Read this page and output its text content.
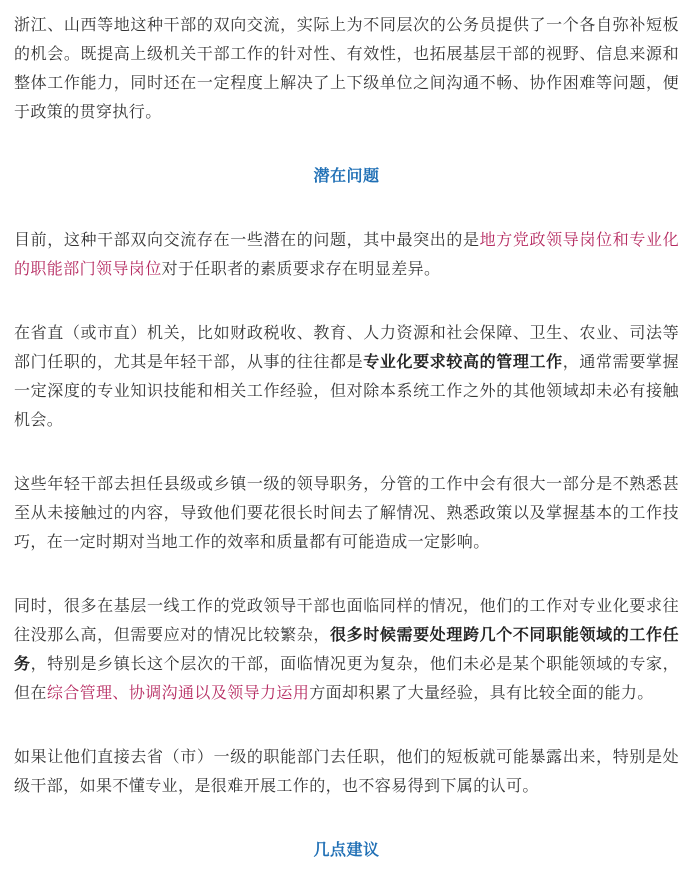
浙江、山西等地这种干部的双向交流，实际上为不同层次的公务员提供了一个各自弥补短板的机会。既提高上级机关干部工作的针对性、有效性，也拓展基层干部的视野、信息来源和整体工作能力，同时还在一定程度上解决了上下级单位之间沟通不畅、协作困难等问题，便于政策的贯穿执行。

潜在问题

目前，这种干部双向交流存在一些潜在的问题，其中最突出的是地方党政领导岗位和专业化的职能部门领导岗位对于任职者的素质要求存在明显差异。

在省直（或市直）机关，比如财政税收、教育、人力资源和社会保障、卫生、农业、司法等部门任职的，尤其是年轻干部，从事的往往都是专业化要求较高的管理工作，通常需要掌握一定深度的专业知识技能和相关工作经验，但对除本系统工作之外的其他领域却未必有接触机会。

这些年轻干部去担任县级或乡镇一级的领导职务，分管的工作中会有很大一部分是不熟悉甚至从未接触过的内容，导致他们要花很长时间去了解情况、熟悉政策以及掌握基本的工作技巧，在一定时期对当地工作的效率和质量都有可能造成一定影响。

同时，很多在基层一线工作的党政领导干部也面临同样的情况，他们的工作对专业化要求往往没那么高，但需要应对的情况比较繁杂，很多时候需要处理跨几个不同职能领域的工作任务，特别是乡镇长这个层次的干部，面临情况更为复杂，他们未必是某个职能领域的专家，但在综合管理、协调沟通以及领导力运用方面却积累了大量经验，具有比较全面的能力。

如果让他们直接去省（市）一级的职能部门去任职，他们的短板就可能暴露出来，特别是处级干部，如果不懂专业，是很难开展工作的，也不容易得到下属的认可。

几点建议
